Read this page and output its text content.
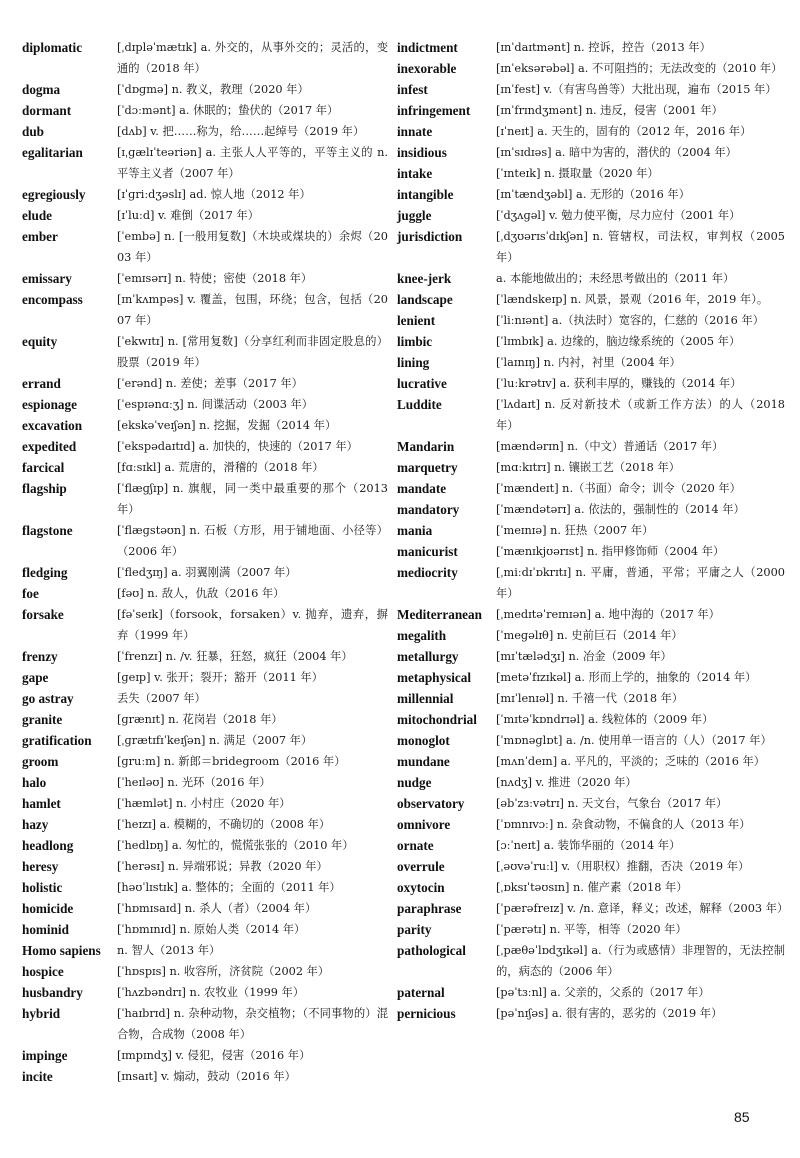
diplomatic	[ˌdɪpləˈmætɪk] a. 外交的，从事外交的；灵活的，变通的（2018 年）
dogma	[ˈdɒɡmə] n. 教义，教理（2020 年）
dormant	[ˈdɔːmənt] a. 休眠的；蛰伏的（2017 年）
dub	[dʌb] v. 把……称为，给……起绰号（2019 年）
egalitarian	[ɪˌɡælɪˈteəriən] a. 主张人人平等的，平等主义的 n. 平等主义者（2007 年）
egregiously	[ɪˈɡriːdʒəslɪ] ad. 惊人地（2012 年）
elude	[ɪˈluːd] v. 难倒（2017 年）
ember	[ˈembə] n. [一般用复数]（木块或煤块的）余烬（2003 年）
emissary	[ˈemɪsərɪ] n. 特使；密使（2018 年）
encompass	[ɪnˈkʌmpəs] v. 覆盖，包围，环绕；包含，包括（2007 年）
equity	[ˈekwɪtɪ] n. [常用复数]（分享红利而非固定股息的）股票（2019 年）
errand	[ˈerənd] n. 差使；差事（2017 年）
espionage	[ˈespɪənɑːʒ] n. 间谍活动（2003 年）
excavation	[ekskəˈveɪʃən] n. 挖掘，发掘（2014 年）
expedited	[ˈekspədaɪtɪd] a. 加快的，快速的（2017 年）
farcical	[fɑːsɪkl] a. 荒唐的，滑稽的（2018 年）
flagship	[ˈflæɡʃɪp] n. 旗舰，同一类中最重要的那个（2013 年）
flagstone	[ˈflæɡstəʊn] n. 石板（方形，用于铺地面、小径等）（2006 年）
fledging	[ˈfledʒɪŋ] a. 羽翼刚满（2007 年）
foe	[fəʊ] n. 敌人，仇敌（2016 年）
forsake	[fəˈseɪk]（forsook，forsaken）v. 抛弃，遗弃，摒弃（1999 年）
frenzy	[ˈfrenzɪ] n. /v. 狂暴，狂怒，疯狂（2004 年）
gape	[ɡeɪp] v. 张开；裂开；豁开（2011 年）
go astray	丢失（2007 年）
granite	[ɡrænɪt] n. 花岗岩（2018 年）
gratification	[ˌɡrætɪfɪˈkeɪʃən] n. 满足（2007 年）
groom	[ɡruːm] n. 新郎＝bridegroom（2016 年）
halo	[ˈheɪləʊ] n. 光环（2016 年）
hamlet	[ˈhæmlət] n. 小村庄（2020 年）
hazy	[ˈheɪzɪ] a. 模糊的，不确切的（2008 年）
headlong	[ˈhedlɒŋ] a. 匆忙的，慌慌张张的（2010 年）
heresy	[ˈherəsɪ] n. 异端邪说；异教（2020 年）
holistic	[həʊˈlɪstɪk] a. 整体的；全面的（2011 年）
homicide	[ˈhɒmɪsaɪd] n. 杀人（者）（2004 年）
hominid	[ˈhɒmɪnɪd] n. 原始人类（2014 年）
Homo sapiens	n. 智人（2013 年）
hospice	[ˈhɒspɪs] n. 收容所，济贫院（2002 年）
husbandry	[ˈhʌzbəndrɪ] n. 农牧业（1999 年）
hybrid	[ˈhaɪbrɪd] n. 杂种动物，杂交植物；（不同事物的）混合物，合成物（2008 年）
impinge	[ɪmpɪndʒ] v. 侵犯，侵害（2016 年）
incite	[ɪnsaɪt] v. 煽动，鼓动（2016 年）
indictment	[ɪnˈdaɪtmənt] n. 控诉，控告（2013 年）
inexorable	[ɪnˈeksərəbəl] a. 不可阻挡的；无法改变的（2010 年）
infest	[ɪnˈfest] v.（有害鸟兽等）大批出现，遍布（2015 年）
infringement	[ɪnˈfrɪndʒmənt] n. 违反，侵害（2001 年）
innate	[ɪˈneɪt] a. 天生的，固有的（2012 年，2016 年）
insidious	[ɪnˈsɪdɪəs] a. 暗中为害的，潜伏的（2004 年）
intake	[ˈɪnteɪk] n. 摄取量（2020 年）
intangible	[ɪnˈtændʒəbl] a. 无形的（2016 年）
juggle	[ˈdʒʌɡəl] v. 勉力使平衡，尽力应付（2001 年）
jurisdiction	[ˌdʒʊərɪsˈdɪkʃən] n. 管辖权，司法权，审判权（2005 年）
knee-jerk	a. 本能地做出的；未经思考做出的（2011 年）
landscape	[ˈlændskeɪp] n. 风景，景观（2016 年，2019 年）。
lenient	[ˈliːnɪənt] a.（执法时）宽容的，仁慈的（2016 年）
limbic	[ˈlɪmbɪk] a. 边缘的，脑边缘系统的（2005 年）
lining	[ˈlaɪnɪŋ] n. 内衬，衬里（2004 年）
lucrative	[ˈluːkrətɪv] a. 获利丰厚的，赚钱的（2014 年）
Luddite	[ˈlʌdaɪt] n. 反对新技术（或新工作方法）的人（2018 年）
Mandarin	[mændərɪn] n.（中文）普通话（2017 年）
marquetry	[mɑːkɪtrɪ] n. 镶嵌工艺（2018 年）
mandate	[ˈmændeɪt] n.（书面）命令；训令（2020 年）
mandatory	[ˈmændətərɪ] a. 依法的，强制性的（2014 年）
mania	[ˈmeɪnɪə] n. 狂热（2007 年）
manicurist	[ˈmænɪkjʊərɪst] n. 指甲修饰师（2004 年）
mediocrity	[ˌmiːdɪˈɒkrɪtɪ] n. 平庸，普通，平常；平庸之人（2000 年）
Mediterranean	[ˌmedɪtəˈreɪnɪən] a. 地中海的（2017 年）
megalith	[ˈmeɡəlɪθ] n. 史前巨石（2014 年）
metallurgy	[mɪˈtælədʒɪ] n. 冶金（2009 年）
metaphysical	[metəˈfɪzɪkəl] a. 形而上学的，抽象的（2014 年）
millennial	[mɪˈlenɪəl] n. 千禧一代（2018 年）
mitochondrial	[ˈmɪtəˈkɒndrɪəl] a. 线粒体的（2009 年）
monoglot	[ˈmɒnəɡlɒt] a. /n. 使用单一语言的（人）（2017 年）
mundane	[mʌnˈdeɪn] a. 平凡的，平淡的；乏味的（2016 年）
nudge	[nʌdʒ] v. 推进（2020 年）
observatory	[əbˈzɜːvətrɪ] n. 天文台，气象台（2017 年）
omnivore	[ˈɒmnɪvɔː] n. 杂食动物，不偏食的人（2013 年）
ornate	[ɔːˈneɪt] a. 装饰华丽的（2014 年）
overrule	[ˌəʊvəˈruːl] v.（用职权）推翻，否决（2019 年）
oxytocin	[ˌɒksɪˈtəʊsɪn] n. 催产素（2018 年）
paraphrase	[ˈpærəfreɪz] v. /n. 意译，释义；改述，解释（2003 年）
parity	[ˈpærətɪ] n. 平等，相等（2020 年）
pathological	[ˌpæθəˈlɒdʒɪkəl] a.（行为或感情）非理智的，无法控制的，病态的（2006 年）
paternal	[pəˈtɜːnl] a. 父亲的，父系的（2017 年）
pernicious	[pəˈnɪʃəs] a. 很有害的，恶劣的（2019 年）
85
